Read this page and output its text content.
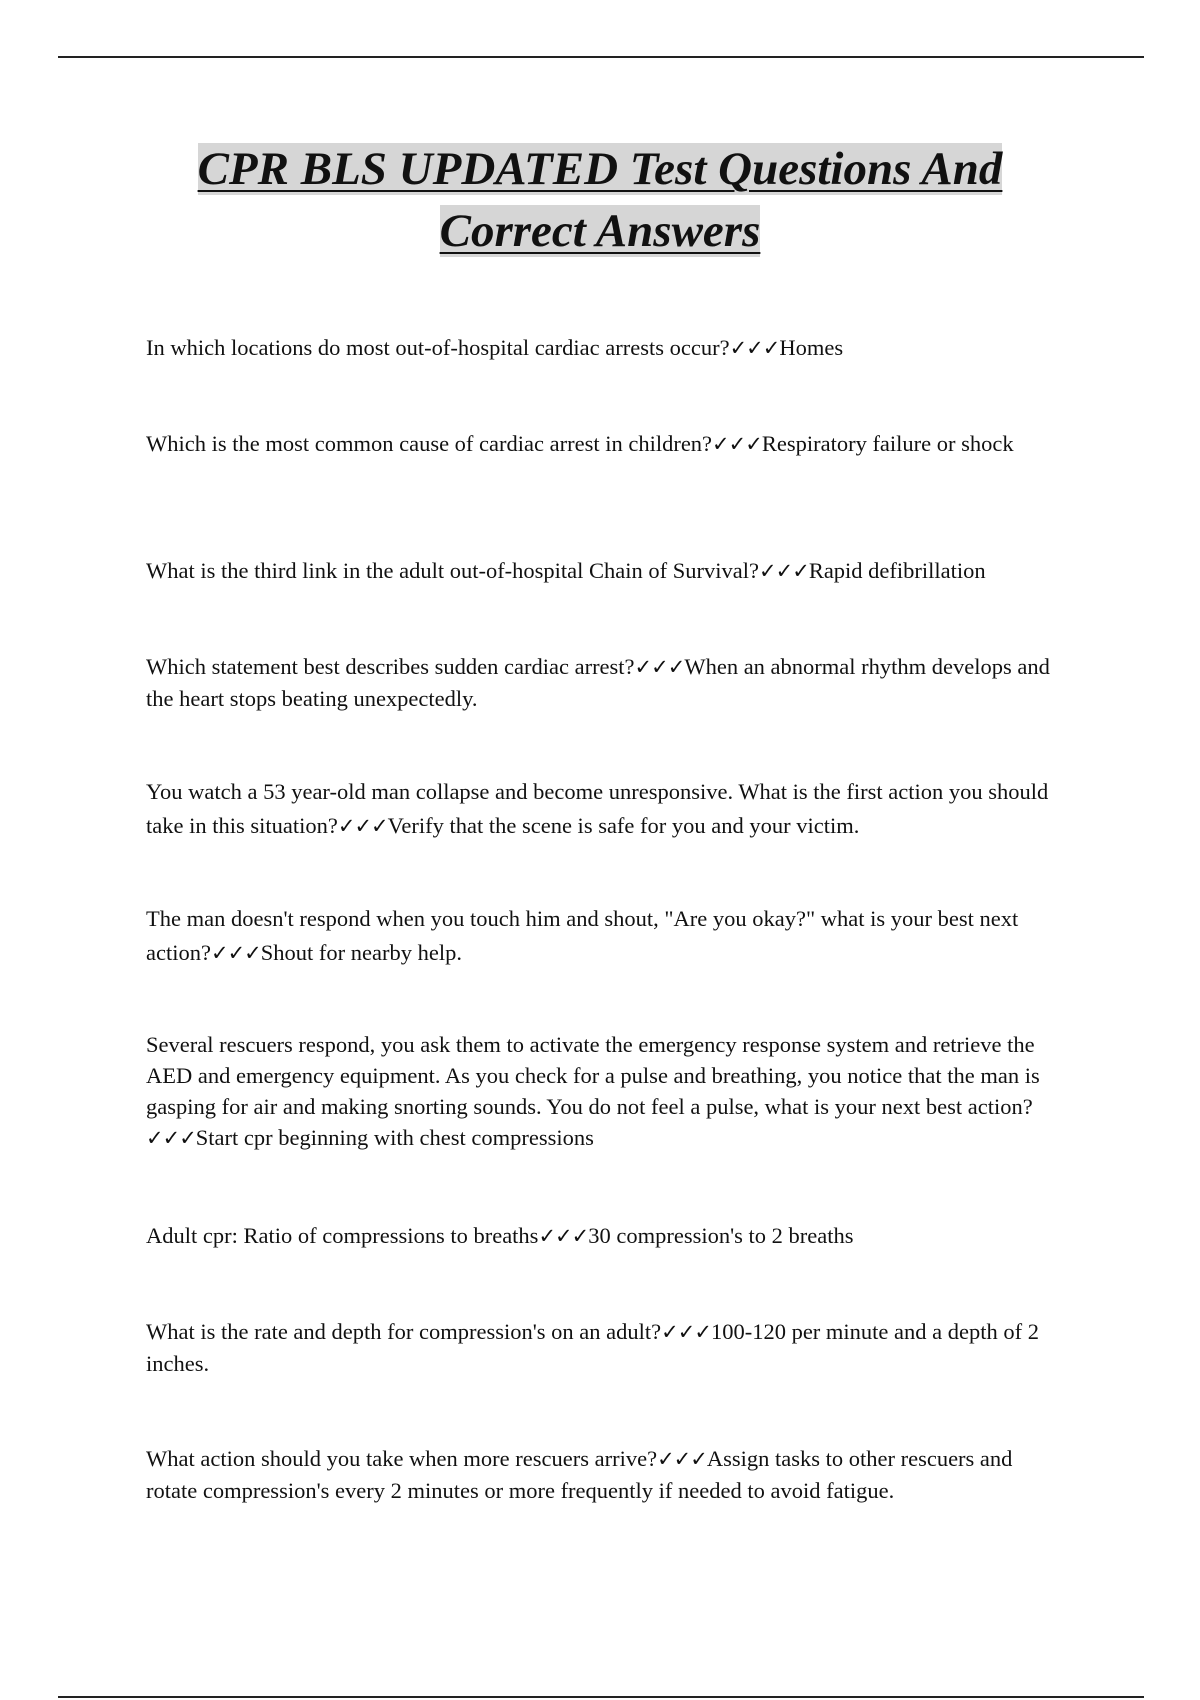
CPR BLS UPDATED Test Questions And
Correct Answers

In which locations do most out-of-hospital cardiac arrests occur?✓✓✓Homes

Which is the most common cause of cardiac arrest in children?✓✓✓Respiratory failure or shock

What is the third link in the adult out-of-hospital Chain of Survival?✓✓✓Rapid defibrillation

Which statement best describes sudden cardiac arrest?✓✓✓When an abnormal rhythm develops and the heart stops beating unexpectedly.

You watch a 53 year-old man collapse and become unresponsive. What is the first action you should take in this situation?✓✓✓Verify that the scene is safe for you and your victim.

The man doesn't respond when you touch him and shout, "Are you okay?" what is your best next action?✓✓✓Shout for nearby help.

Several rescuers respond, you ask them to activate the emergency response system and retrieve the AED and emergency equipment. As you check for a pulse and breathing, you notice that the man is gasping for air and making snorting sounds. You do not feel a pulse, what is your next best action?✓✓✓Start cpr beginning with chest compressions

Adult cpr: Ratio of compressions to breaths✓✓✓30 compression's to 2 breaths

What is the rate and depth for compression's on an adult?✓✓✓100-120 per minute and a depth of 2 inches.

What action should you take when more rescuers arrive?✓✓✓Assign tasks to other rescuers and rotate compression's every 2 minutes or more frequently if needed to avoid fatigue.
